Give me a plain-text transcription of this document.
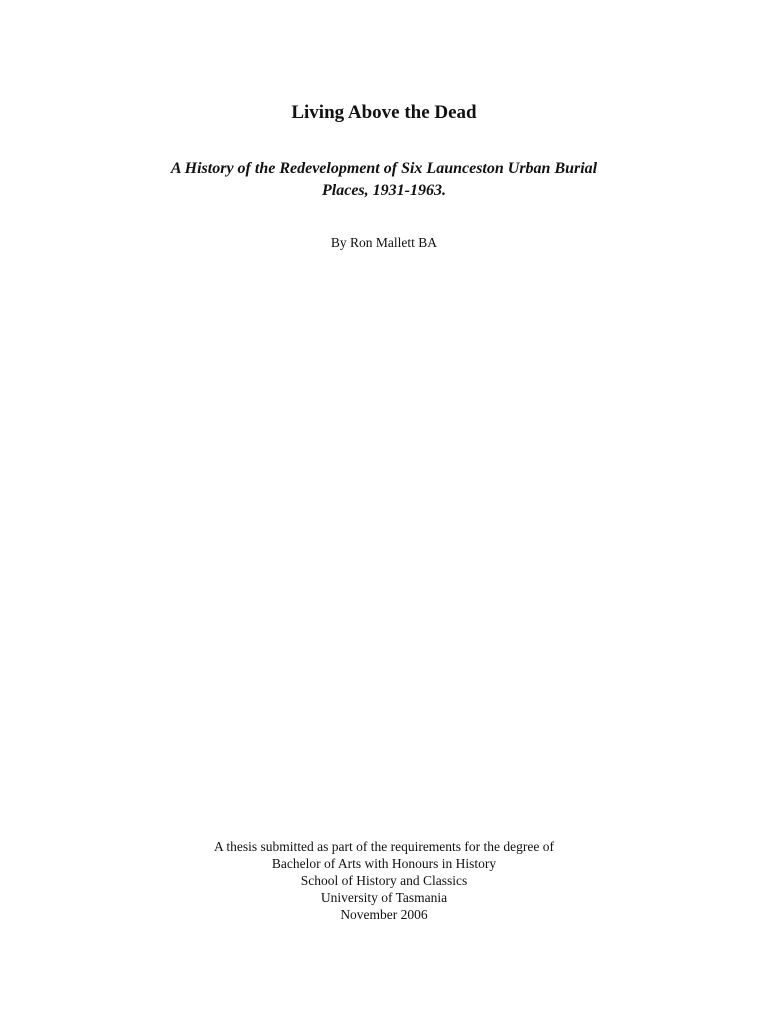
Living Above the Dead
A History of the Redevelopment of Six Launceston Urban Burial
Places, 1931-1963.
By Ron Mallett BA
A thesis submitted as part of the requirements for the degree of
Bachelor of Arts with Honours in History
School of History and Classics
University of Tasmania
November 2006
